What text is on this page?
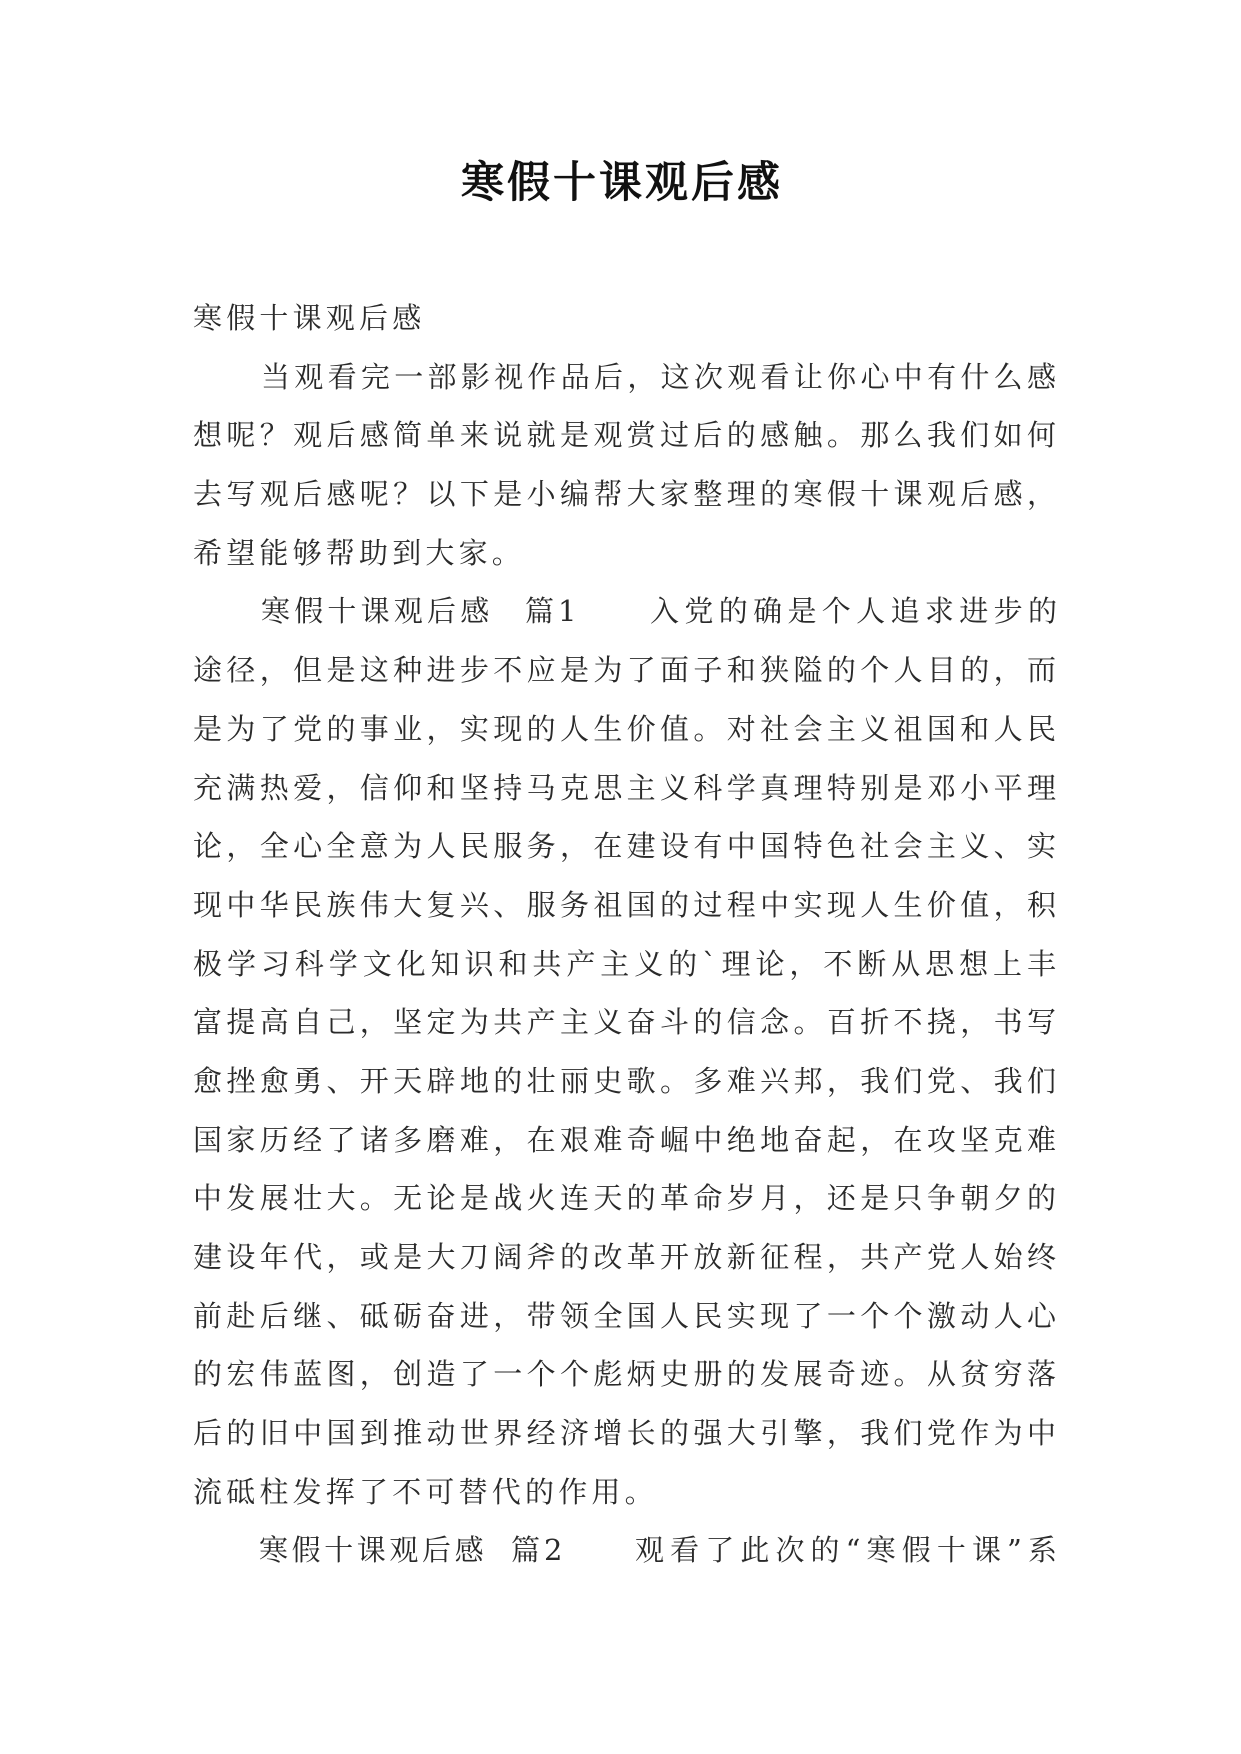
寒假十课观后感
寒假十课观后感
当观看完一部影视作品后，这次观看让你心中有什么感
想呢？观后感简单来说就是观赏过后的感触。那么我们如何
去写观后感呢？以下是小编帮大家整理的寒假十课观后感，
希望能够帮助到大家。
寒假十课观后感 篇1 入党的确是个人追求进步的
途径，但是这种进步不应是为了面子和狭隘的个人目的，而
是为了党的事业，实现的人生价值。对社会主义祖国和人民
充满热爱，信仰和坚持马克思主义科学真理特别是邓小平理
论，全心全意为人民服务，在建设有中国特色社会主义、实
现中华民族伟大复兴、服务祖国的过程中实现人生价值，积
极学习科学文化知识和共产主义的`理论，不断从思想上丰
富提高自己，坚定为共产主义奋斗的信念。百折不挠，书写
愈挫愈勇、开天辟地的壮丽史歌。多难兴邦，我们党、我们
国家历经了诸多磨难，在艰难奇崛中绝地奋起，在攻坚克难
中发展壮大。无论是战火连天的革命岁月，还是只争朝夕的
建设年代，或是大刀阔斧的改革开放新征程，共产党人始终
前赴后继、砥砺奋进，带领全国人民实现了一个个激动人心
的宏伟蓝图，创造了一个个彪炳史册的发展奇迹。从贫穷落
后的旧中国到推动世界经济增长的强大引擎，我们党作为中
流砥柱发挥了不可替代的作用。
寒假十课观后感 篇2 观看了此次的“寒假十课”系
